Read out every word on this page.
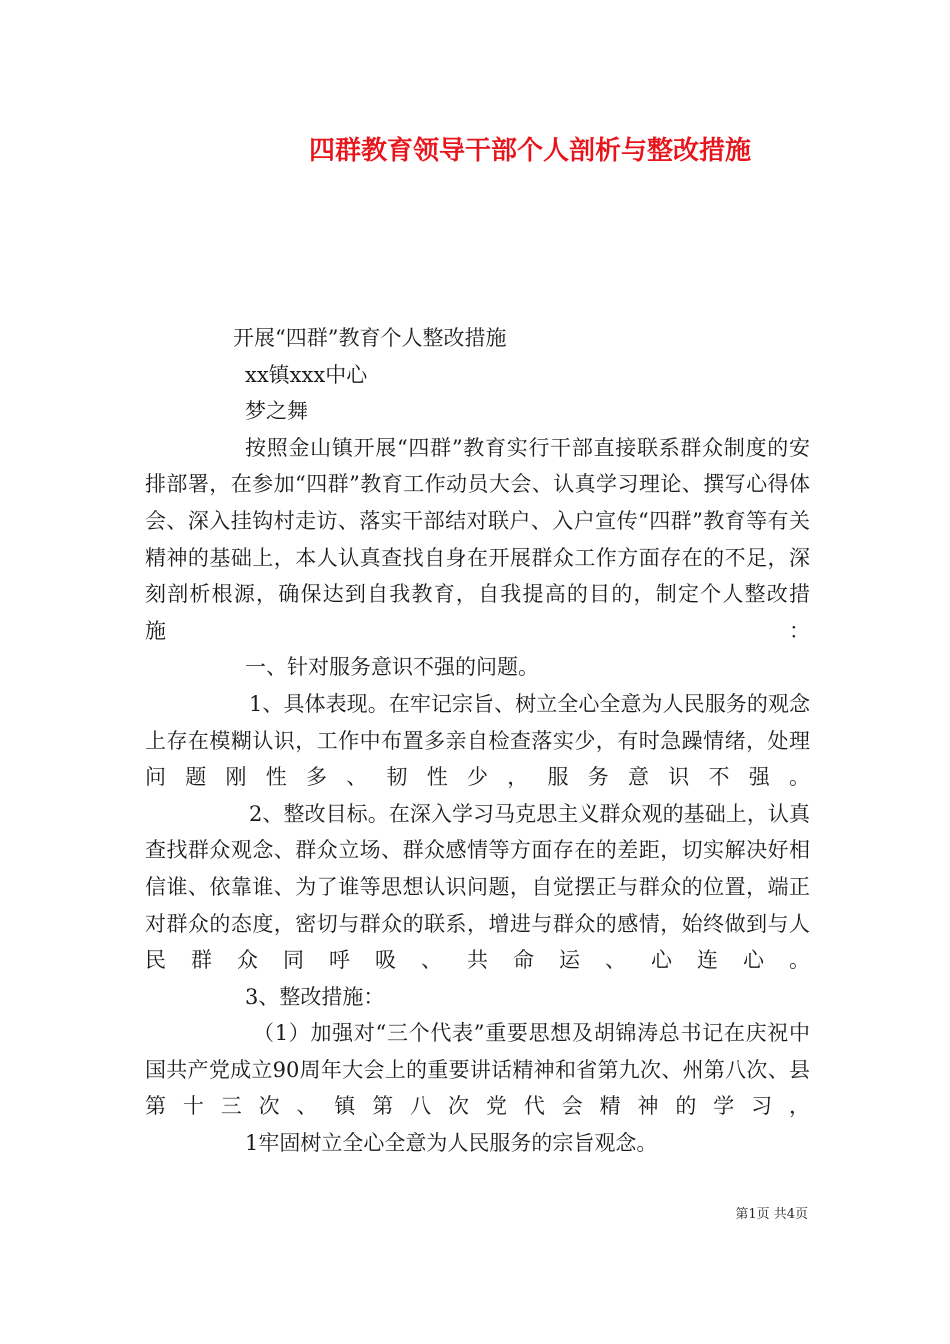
四群教育领导干部个人剖析与整改措施

开展“四群”教育个人整改措施

xx镇xxx中心

梦之舞

按照金山镇开展“四群”教育实行干部直接联系群众制度的安排部署，在参加“四群”教育工作动员大会、认真学习理论、撰写心得体会、深入挂钩村走访、落实干部结对联户、入户宣传“四群”教育等有关精神的基础上，本人认真查找自身在开展群众工作方面存在的不足，深刻剖析根源，确保达到自我教育，自我提高的目的，制定个人整改措施：

一、针对服务意识不强的问题。

1、具体表现。在牢记宗旨、树立全心全意为人民服务的观念上存在模糊认识，工作中布置多亲自检查落实少，有时急躁情绪，处理问题刚性多、韧性少，服务意识不强。

2、整改目标。在深入学习马克思主义群众观的基础上，认真查找群众观念、群众立场、群众感情等方面存在的差距，切实解决好相信谁、依靠谁、为了谁等思想认识问题，自觉摆正与群众的位置，端正对群众的态度，密切与群众的联系，增进与群众的感情，始终做到与人民群众同呼吸、共命运、心连心。

3、整改措施：

（1）加强对“三个代表”重要思想及胡锦涛总书记在庆祝中国共产党成立90周年大会上的重要讲话精神和省第九次、州第八次、县第十三次、镇第八次党代会精神的学习，

1牢固树立全心全意为人民服务的宗旨观念。

第1页 共4页
